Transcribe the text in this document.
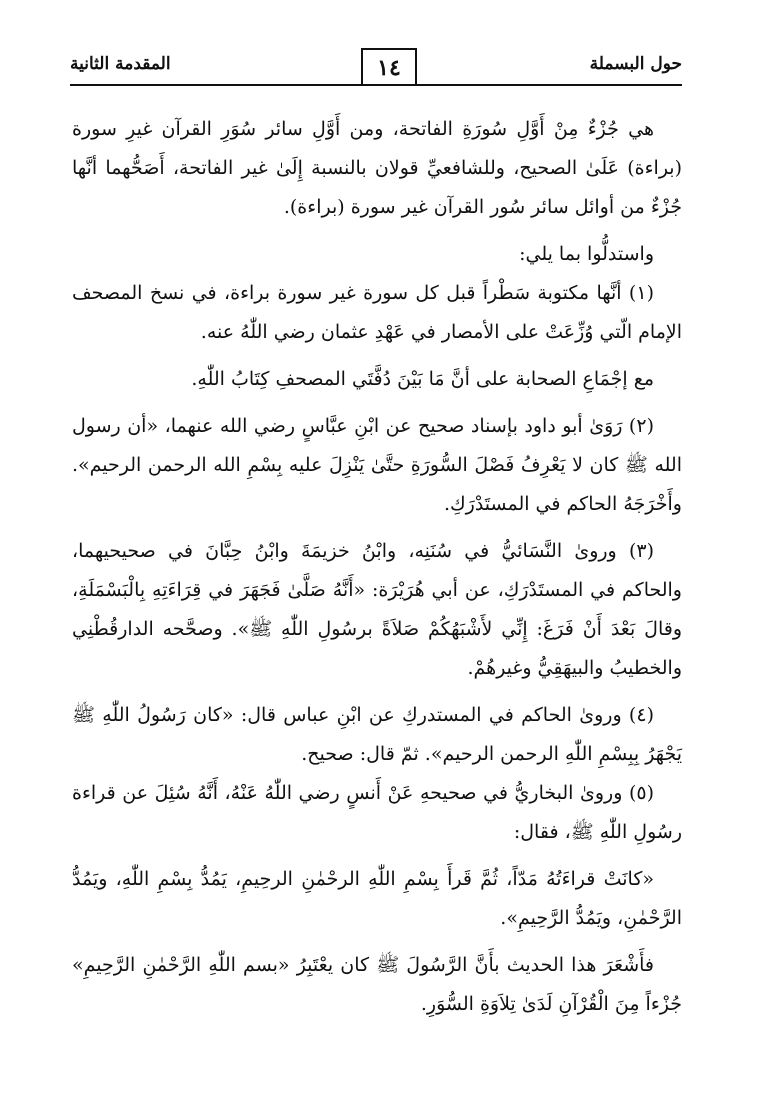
حول البسملة
١٤
المقدمة الثانية

هي جُزْءٌ مِنْ أَوَّلِ سُورَةِ الفاتحة، ومن أَوَّلِ سائر سُوَرِ القرآن غيرِ سورة (براءة) عَلَىٰ الصحيح، وللشافعيِّ قولان بالنسبة إِلَىٰ غير الفاتحة، أَصَحُّهما أنَّها جُزْءٌ من أوائل سائر سُور القرآن غير سورة (براءة).

واستدلُّوا بما يلي:

(١) أنَّها مكتوبة سَطْراً قبل كل سورة غير سورة براءة، في نسخ المصحف الإمام الّتي وُزِّعَتْ على الأمصار في عَهْدِ عثمان رضي اللّٰهُ عنه.

مع إجْمَاعِ الصحابة على أنَّ مَا بَيْنَ دُفَّتَي المصحفِ كِتَابُ اللّٰهِ.

(٢) رَوَىٰ أبو داود بإسناد صحيح عن ابْنِ عبَّاسٍ رضي الله عنهما، «أن رسول الله ﷺ كان لا يَعْرِفُ فَصْلَ السُّورَةِ حتَّىٰ يَنْزِلَ عليه بِسْمِ الله الرحمن الرحيم». وأَخْرَجَهُ الحاكم في المستَدْرَكِ.

(٣) وروىٰ النَّسَائيُّ في سُنَنِه، وابْنُ خزيمَةَ وابْنُ حِبَّانَ في صحيحيهما، والحاكم في المستَدْرَكِ، عن أبي هُرَيْرَة: «أَنَّهُ صَلَّىٰ فَجَهَرَ في قِرَاءَتِهِ بِالْبَسْمَلَةِ، وقالَ بَعْدَ أَنْ فَرَغَ: إِنِّي لأَشْبَهُكُمْ صَلاَةً برسُولِ اللّٰهِ ﷺ». وصحَّحه الدارقُطْنِي والخطيبُ والبيهَقِيُّ وغيرهُمْ.

(٤) وروىٰ الحاكم في المستدركِ عن ابْنِ عباس قال: «كان رَسُولُ اللّٰهِ ﷺ يَجْهَرُ بِبِسْمِ اللّٰهِ الرحمن الرحيم». ثمّ قال: صحيح.

(٥) وروىٰ البخاريُّ في صحيحهِ عَنْ أَنسٍ رضي اللّٰهُ عَنْهُ، أَنَّهُ سُئِلَ عن قراءة رسُولِ اللّٰهِ ﷺ، فقال:

«كانَتْ قراءَتُهُ مَدّاً، ثُمَّ قَرأَ بِسْمِ اللّٰهِ الرحْمٰنِ الرحِيمِ، يَمُدُّ بِسْمِ اللّٰهِ، ويَمُدُّ الرَّحْمٰنِ، ويَمُدُّ الرَّحِيمِ».

فأَشْعَرَ هذا الحديث بأَنَّ الرَّسُولَ ﷺ كان يعْتَبِرُ «بسم اللّٰهِ الرَّحْمٰنِ الرَّحِيمِ» جُزْءاً مِنَ الْقُرْآنِ لَدَىٰ تِلاَوَةِ السُّوَرِ.
